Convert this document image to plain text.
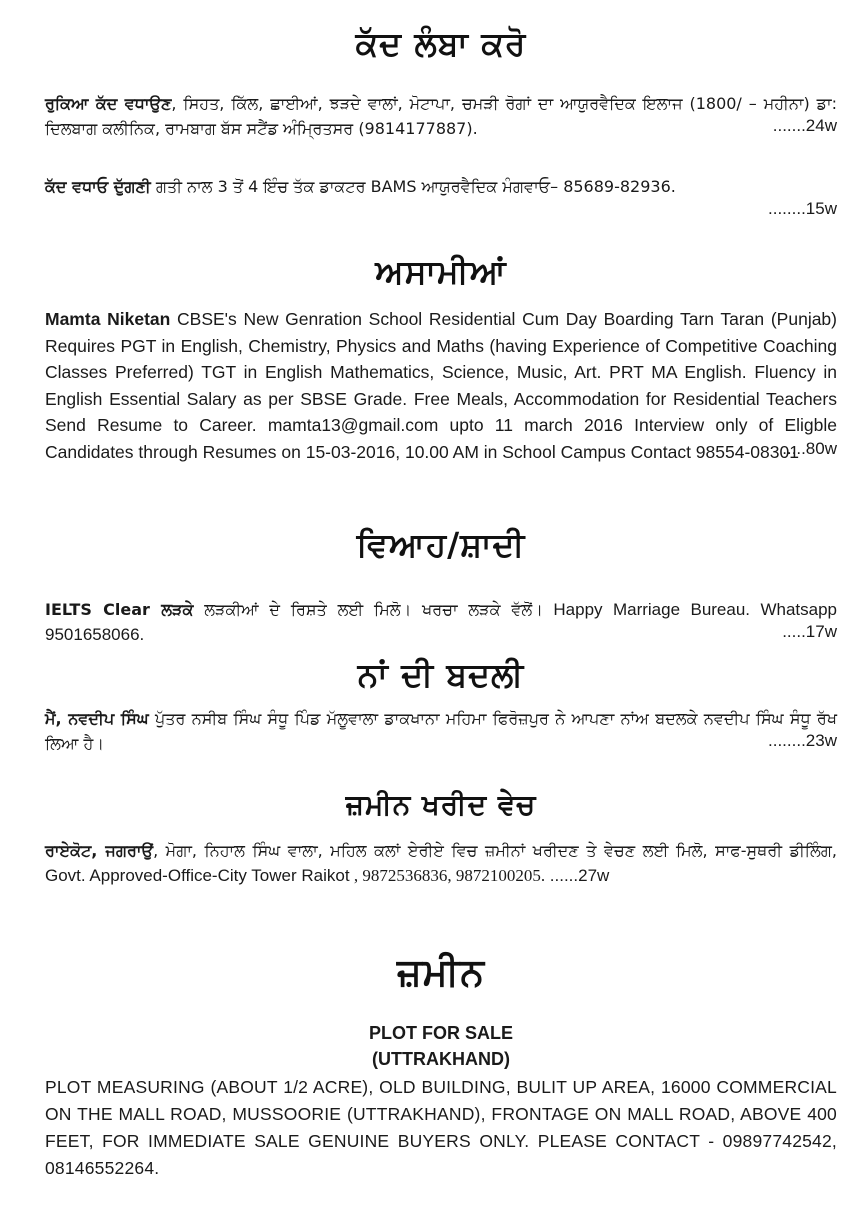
ਕੱਦ ਲੰਬਾ ਕਰੋ
ਰੁਕਿਆ ਕੱਦ ਵਧਾਉਣ, ਸਿਹਤ, ਕਿੱਲ, ਛਾਈਆਂ, ਝੜਦੇ ਵਾਲਾਂ, ਮੋਟਾਪਾ, ਚਮੜੀ ਰੋਗਾਂ ਦਾ ਆਯੁਰਵੈਦਿਕ ਇਲਾਜ (1800/ – ਮਹੀਨਾ) ਡਾ: ਦਿਲਬਾਗ ਕਲੀਨਿਕ, ਰਾਮਬਾਗ ਬੱਸ ਸਟੈਂਡ ਅੰਮ੍ਰਿਤਸਰ (9814177887).	.......24w
ਕੱਦ ਵਧਾਓ ਦੁੱਗਣੀ ਗਤੀ ਨਾਲ 3 ਤੋਂ 4 ਇੰਚ ਤੱਕ ਡਾਕਟਰ BAMS ਆਯੁਰਵੈਦਿਕ ਮੰਗਵਾਓ– 85689-82936.
........15w
ਅਸਾਮੀਆਂ
Mamta Niketan CBSE's New Genration School Residential Cum Day Boarding Tarn Taran (Punjab) Requires PGT in English, Chemistry, Physics and Maths (having Experience of Competitive Coaching Classes Preferred) TGT in English Mathematics, Science, Music, Art. PRT MA English. Fluency in English Essential Salary as per SBSE Grade. Free Meals, Accommodation for Residential Teachers Send Resume to Career. mamta13@gmail.com upto 11 march 2016 Interview only of Eligble Candidates through Resumes on 15-03-2016, 10.00 AM in School Campus Contact 98554-08301
.....80w
ਵਿਆਹ/ਸ਼ਾਦੀ
IELTS Clear ਲੜਕੇ ਲੜਕੀਆਂ ਦੇ ਰਿਸ਼ਤੇ ਲਈ ਮਿਲੋ। ਖਰਚਾ ਲੜਕੇ ਵੱਲੋਂ। Happy Marriage Bureau. Whatsapp 9501658066.	.....17w
ਨਾਂ ਦੀ ਬਦਲੀ
ਮੈਂ, ਨਵਦੀਪ ਸਿੰਘ ਪੁੱਤਰ ਨਸੀਬ ਸਿੰਘ ਸੰਧੂ ਪਿੰਡ ਮੱਲੂਵਾਲਾ ਡਾਕਖਾਨਾ ਮਹਿਮਾ ਫਿਰੋਜ਼ਪੁਰ ਨੇ ਆਪਣਾ ਨਾਂਅ ਬਦਲਕੇ ਨਵਦੀਪ ਸਿੰਘ ਸੰਧੂ ਰੱਖ ਲਿਆ ਹੈ।	........23w
ਜ਼ਮੀਨ ਖਰੀਦ ਵੇਚ
ਰਾਏਕੋਟ, ਜਗਰਾਉਂ, ਮੋਗਾ, ਨਿਹਾਲ ਸਿੰਘ ਵਾਲਾ, ਮਹਿਲ ਕਲਾਂ ਏਰੀਏ ਵਿਚ ਜ਼ਮੀਨਾਂ ਖਰੀਦਣ ਤੇ ਵੇਚਣ ਲਈ ਮਿਲੋ, ਸਾਫ-ਸੁਥਰੀ ਡੀਲਿੰਗ, Govt. Approved-Office-City Tower Raikot , 9872536836, 9872100205. ......27w
ਜ਼ਮੀਨ
PLOT FOR SALE
(UTTRAKHAND)
PLOT MEASURING (ABOUT 1/2 ACRE), OLD BUILDING, BULIT UP AREA, 16000 COMMERCIAL ON THE MALL ROAD, MUSSOORIE (UTTRAKHAND), FRONTAGE ON MALL ROAD, ABOVE 400 FEET, FOR IMMEDIATE SALE GENUINE BUYERS ONLY. PLEASE CONTACT - 09897742542, 08146552264.
